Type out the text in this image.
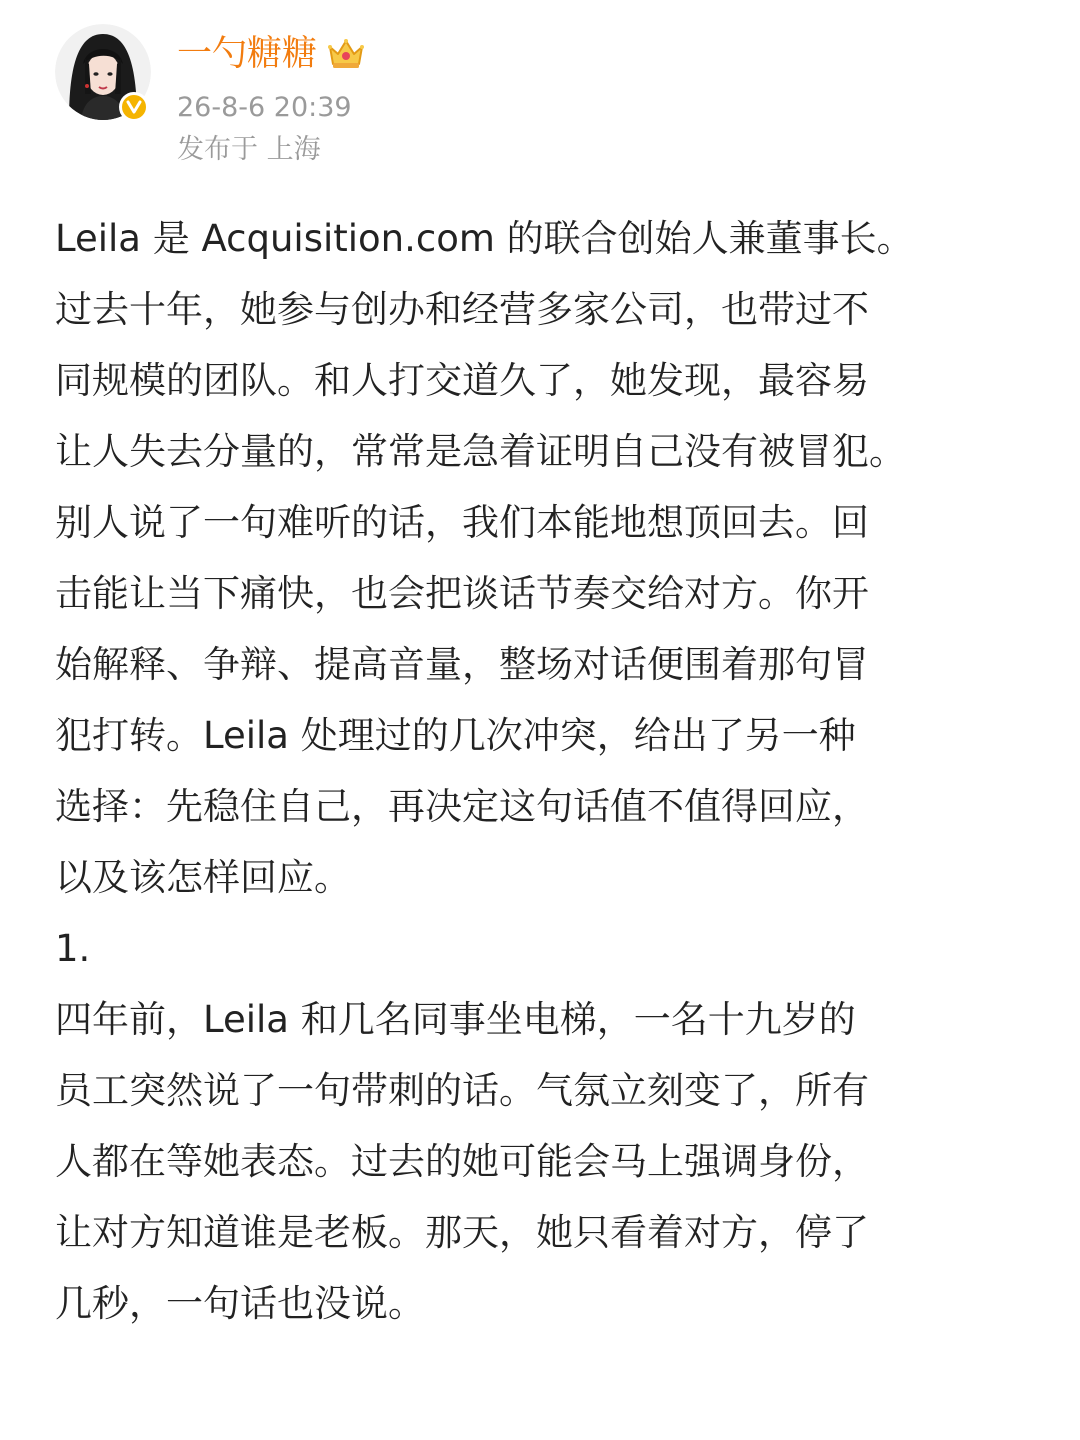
一勺糖糖
26-8-6 20:39
发布于 上海

Leila 是 Acquisition.com 的联合创始人兼董事长。

过去十年，她参与创办和经营多家公司，也带过不

同规模的团队。和人打交道久了，她发现，最容易

让人失去分量的，常常是急着证明自己没有被冒犯。

别人说了一句难听的话，我们本能地想顶回去。回

击能让当下痛快，也会把谈话节奏交给对方。你开

始解释、争辩、提高音量，整场对话便围着那句冒

犯打转。Leila 处理过的几次冲突，给出了另一种

选择：先稳住自己，再决定这句话值不值得回应，

以及该怎样回应。

1.

四年前，Leila 和几名同事坐电梯，一名十九岁的

员工突然说了一句带刺的话。气氛立刻变了，所有

人都在等她表态。过去的她可能会马上强调身份，

让对方知道谁是老板。那天，她只看着对方，停了

几秒，一句话也没说。
